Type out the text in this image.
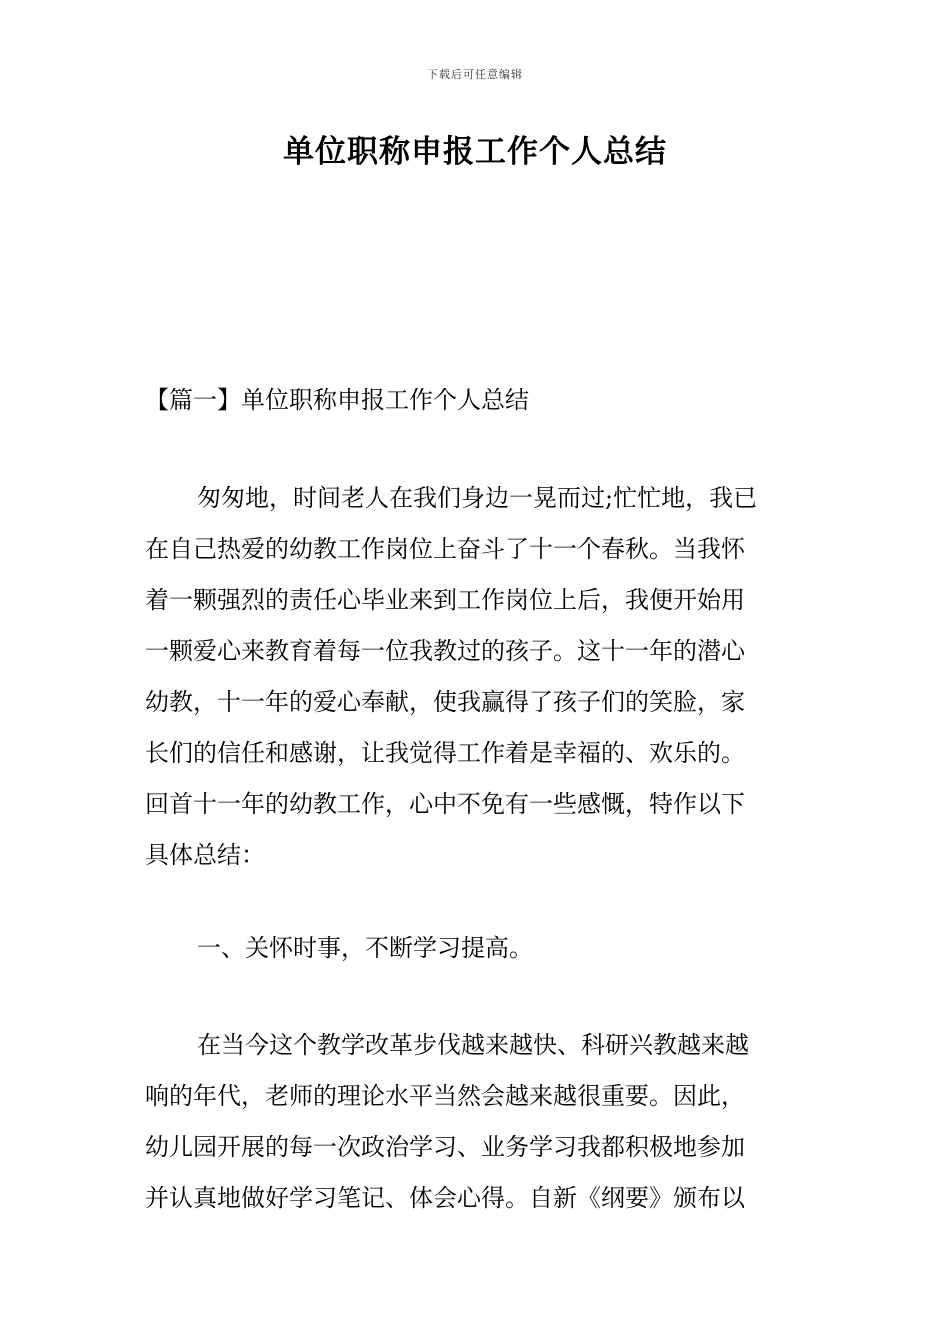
下载后可任意编辑
单位职称申报工作个人总结
【篇一】单位职称申报工作个人总结

匆匆地，时间老人在我们身边一晃而过;忙忙地，我已
在自己热爱的幼教工作岗位上奋斗了十一个春秋。当我怀
着一颗强烈的责任心毕业来到工作岗位上后，我便开始用
一颗爱心来教育着每一位我教过的孩子。这十一年的潜心
幼教，十一年的爱心奉献，使我赢得了孩子们的笑脸，家
长们的信任和感谢，让我觉得工作着是幸福的、欢乐的。
回首十一年的幼教工作，心中不免有一些感慨，特作以下
具体总结：

一、关怀时事，不断学习提高。

在当今这个教学改革步伐越来越快、科研兴教越来越
响的年代，老师的理论水平当然会越来越很重要。因此，
幼儿园开展的每一次政治学习、业务学习我都积极地参加
并认真地做好学习笔记、体会心得。自新《纲要》颁布以
